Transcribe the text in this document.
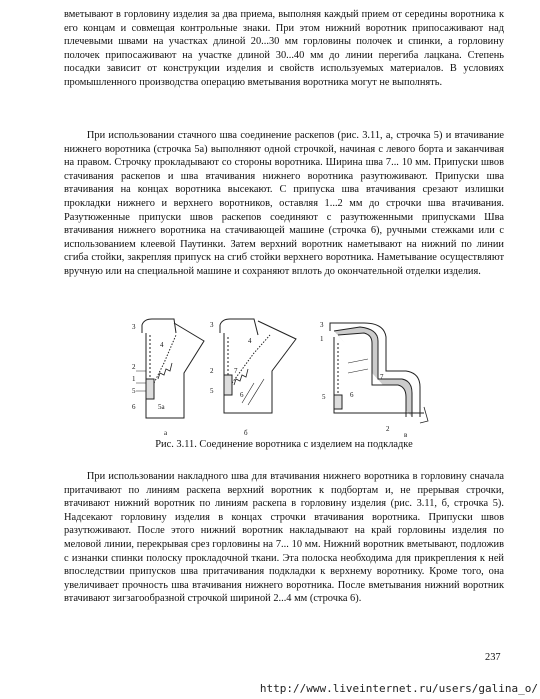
вметывают в горловину изделия за два приема, выполняя каждый прием от середины воротника к его концам и совмещая контрольные знаки. При этом нижний воротник припосаживают над плечевыми швами на участках длиной 20...30 мм горловины полочек и спинки, а горловину полочек припосаживают на участке длиной 30...40 мм до линии перегиба лацкана. Степень посадки зависит от конструкции изделия и свойств используемых материалов. В условиях промышленного производства операцию вметывания воротника могут не выполнять.

При использовании стачного шва соединение раскепов (рис. 3.11, а, строчка 5) и втачивание нижнего воротника (строчка 5а) выполняют одной строчкой, начиная с левого борта и заканчивая на правом. Строчку прокладывают со стороны воротника. Ширина шва 7... 10 мм. Припуски швов стачивания раскепов и шва втачивания нижнего воротника разутюживают. Припуски шва втачивания на концах воротника высекают. С припуска шва втачивания срезают излишки прокладки нижнего и верхнего воротников, оставляя 1...2 мм до строчки шва втачивания. Разутюженные припуски швов раскепов соединяют с разутюженными припусками Шва втачивания нижнего воротника на стачивающей машине (строчка 6), ручными стежками или с использованием клеевой Паутинки. Затем верхний воротник наметывают на нижний по линии сгиба стойки, закрепляя припуск на сгиб стойки верхнего воротника. Наметывание осуществляют вручную или на специальной машине и сохраняют вплоть до окончательной отделки изделия.

3
4
2
1
5
6	5а
а
3
4
2	7
5	6
б
3
1
7
5	6
2
в
Рис. 3.11. Соединение воротника с изделием на подкладке

При использовании накладного шва для втачивания нижнего воротника в горловину сначала притачивают по линиям раскепа верхний воротник к подбортам и, не прерывая строчки, втачивают нижний воротник по линиям раскепа в горловину изделия (рис. 3.11, б, строчка 5). Надсекают горловину изделия в концах строчки втачивания воротника. Припуски швов разутюживают. После этого нижний воротник накладывают на край горловины изделия по меловой линии, перекрывая срез горловины на 7... 10 мм. Нижний воротник вметывают, подложив с изнанки спинки полоску прокладочной ткани. Эта полоска необходима для прикрепления к ней впоследствии припусков шва притачивания подкладки к верхнему воротнику. Кроме того, она увеличивает прочность шва втачивания нижнего воротника. После вметывания нижний воротник втачивают зигзагообразной строчкой шириной 2...4 мм (строчка 6).

237
http://www.liveinternet.ru/users/galina_o/
